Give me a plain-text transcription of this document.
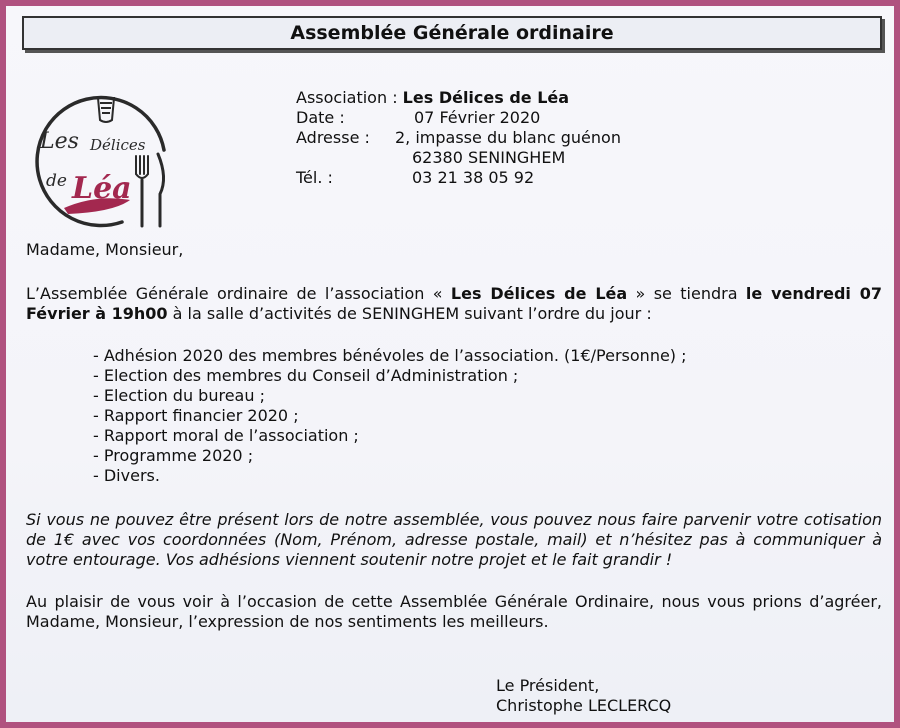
Assemblée Générale ordinaire
Les Délices
de Léa
Association : Les Délices de Léa
Date :	07 Février 2020
Adresse : 2, impasse du blanc guénon
62380 SENINGHEM
Tél. :	03 21 38 05 92
Madame, Monsieur,
L’Assemblée Générale ordinaire de l’association « Les Délices de Léa » se tiendra le vendredi 07 Février à 19h00 à la salle d’activités de SENINGHEM suivant l’ordre du jour :
- Adhésion 2020 des membres bénévoles de l’association. (1€/Personne) ;
- Election des membres du Conseil d’Administration ;
- Election du bureau ;
- Rapport financier 2020 ;
- Rapport moral de l’association ;
- Programme 2020 ;
- Divers.
Si vous ne pouvez être présent lors de notre assemblée, vous pouvez nous faire parvenir votre cotisation de 1€ avec vos coordonnées (Nom, Prénom, adresse postale, mail) et n’hésitez pas à communiquer à votre entourage. Vos adhésions viennent soutenir notre projet et le fait grandir !
Au plaisir de vous voir à l’occasion de cette Assemblée Générale Ordinaire, nous vous prions d’agréer, Madame, Monsieur, l’expression de nos sentiments les meilleurs.
Le Président,
Christophe LECLERCQ
